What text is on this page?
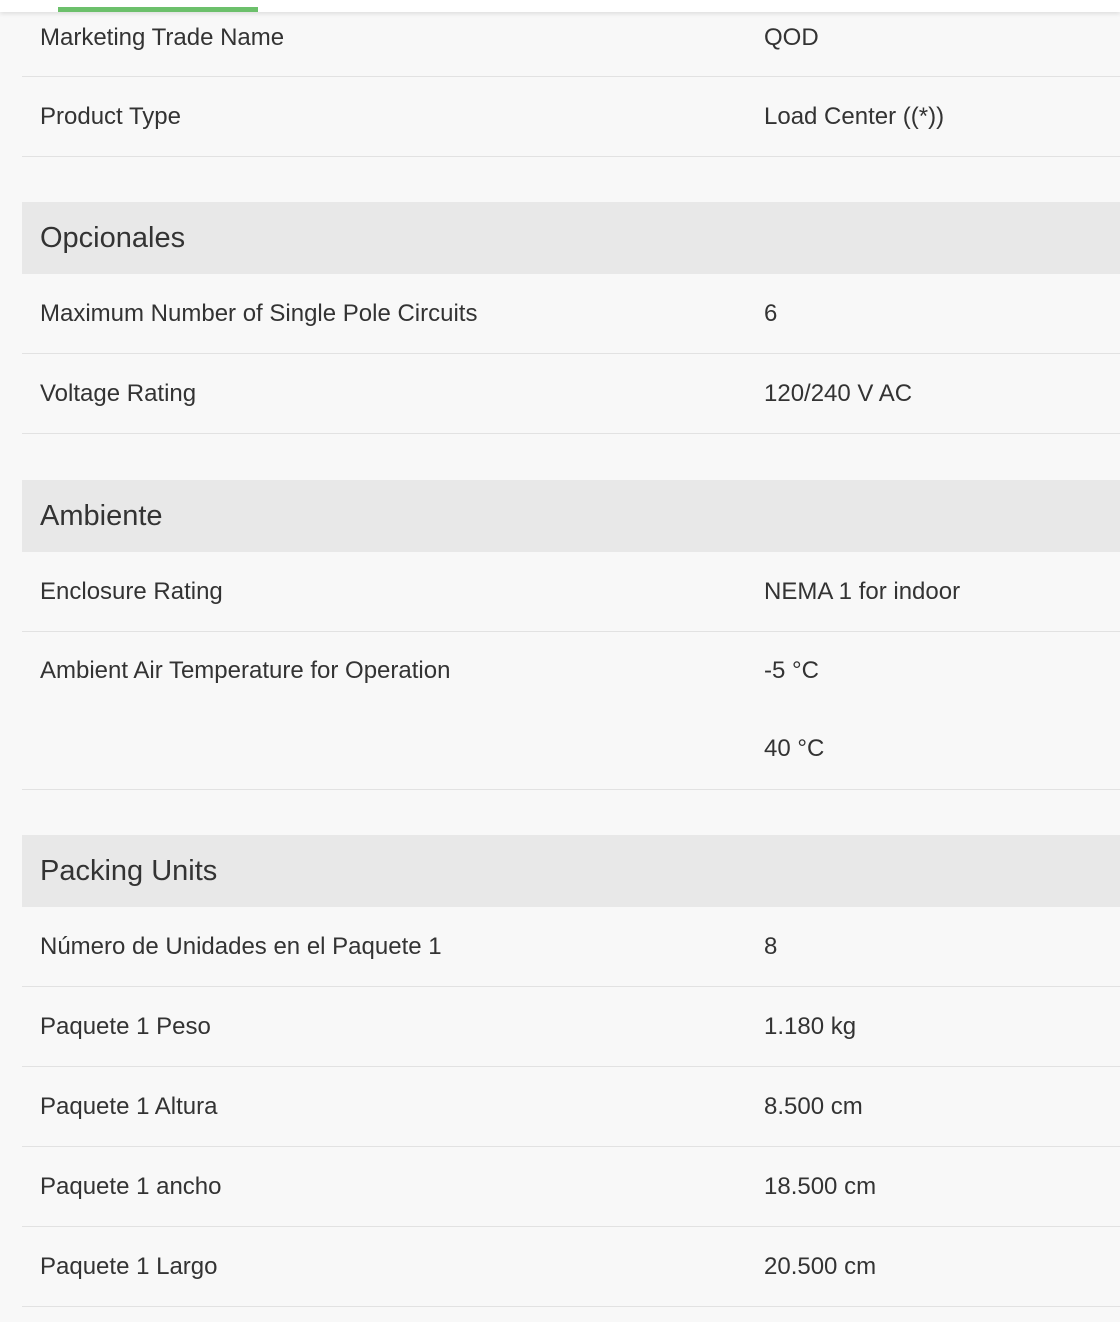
Marketing Trade Name	QOD
Product Type	Load Center ((*))
Opcionales
Maximum Number of Single Pole Circuits	6
Voltage Rating	120/240 V AC
Ambiente
Enclosure Rating	NEMA 1 for indoor
Ambient Air Temperature for Operation	-5 °C
40 °C
Packing Units
Número de Unidades en el Paquete 1	8
Paquete 1 Peso	1.180 kg
Paquete 1 Altura	8.500 cm
Paquete 1 ancho	18.500 cm
Paquete 1 Largo	20.500 cm
